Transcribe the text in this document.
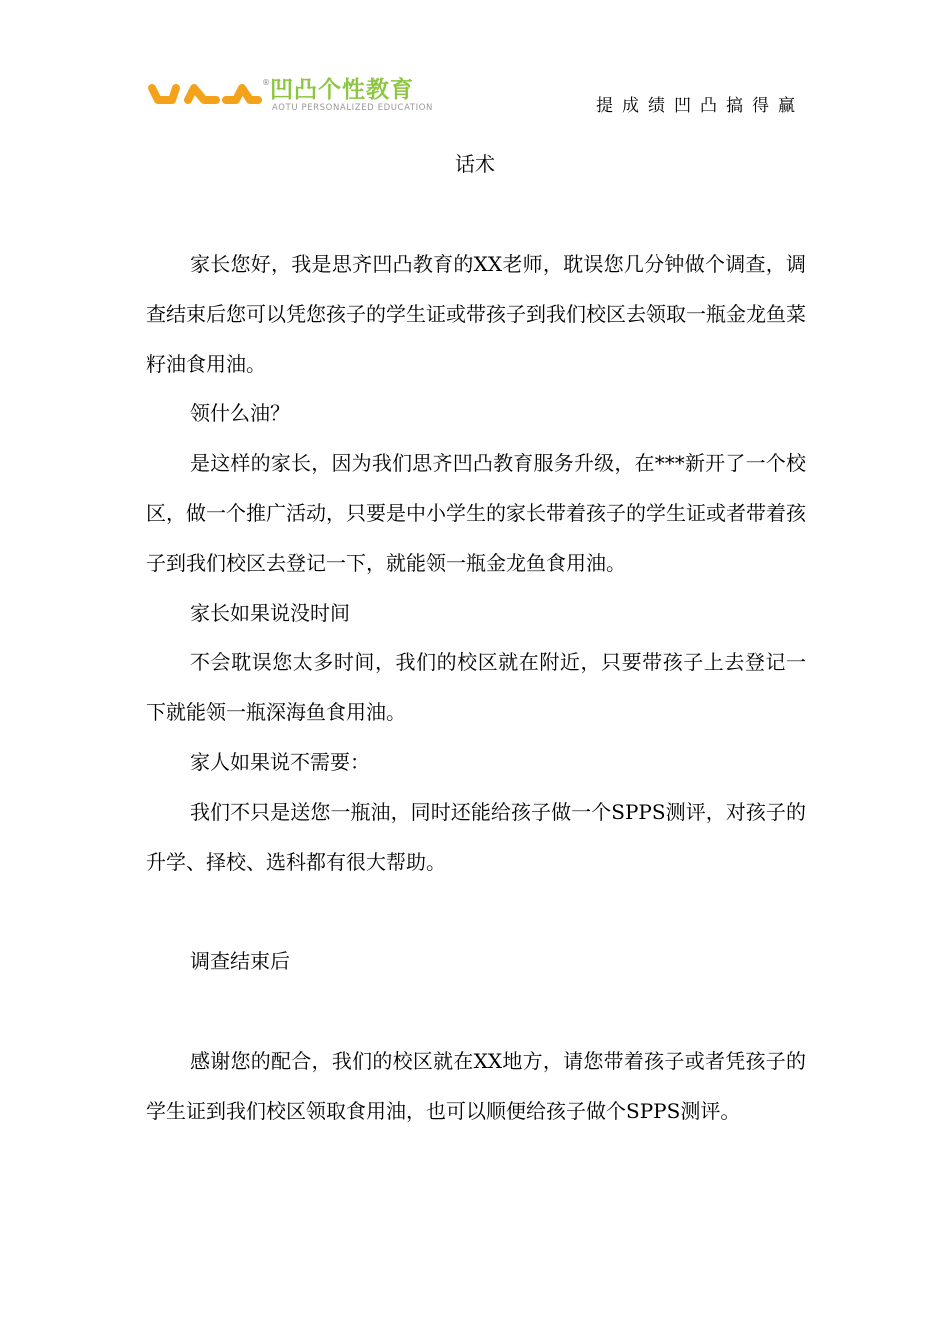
® 凹凸个性教育
AOTU PERSONALIZED EDUCATION	提成绩凹凸搞得赢
话术

家长您好，我是思齐凹凸教育的XX老师，耽误您几分钟做个调查，调查结束后您可以凭您孩子的学生证或带孩子到我们校区去领取一瓶金龙鱼菜籽油食用油。

领什么油？

是这样的家长，因为我们思齐凹凸教育服务升级，在***新开了一个校区，做一个推广活动，只要是中小学生的家长带着孩子的学生证或者带着孩子到我们校区去登记一下，就能领一瓶金龙鱼食用油。

家长如果说没时间

不会耽误您太多时间，我们的校区就在附近，只要带孩子上去登记一下就能领一瓶深海鱼食用油。

家人如果说不需要：

我们不只是送您一瓶油，同时还能给孩子做一个SPPS测评，对孩子的升学、择校、选科都有很大帮助。

调查结束后

感谢您的配合，我们的校区就在XX地方，请您带着孩子或者凭孩子的学生证到我们校区领取食用油，也可以顺便给孩子做个SPPS测评。
